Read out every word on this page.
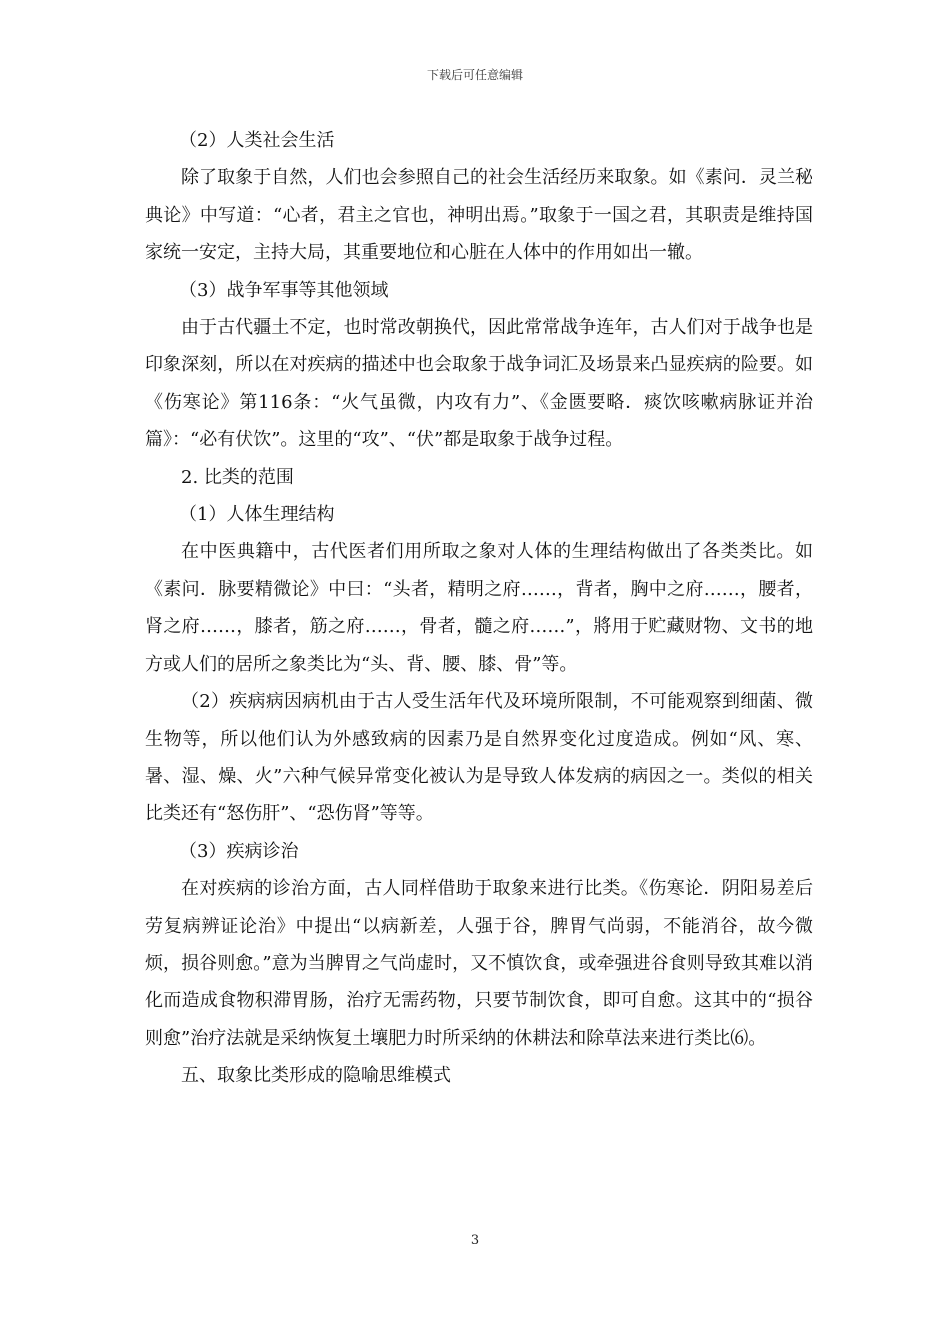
下载后可任意编辑

（2）人类社会生活

除了取象于自然，人们也会参照自己的社会生活经历来取象。如《素问．灵兰秘典论》中写道：“心者，君主之官也，神明出焉。”取象于一国之君，其职责是维持国家统一安定，主持大局，其重要地位和心脏在人体中的作用如出一辙。

（3）战争军事等其他领域

由于古代疆土不定，也时常改朝换代，因此常常战争连年，古人们对于战争也是印象深刻，所以在对疾病的描述中也会取象于战争词汇及场景来凸显疾病的险要。如《伤寒论》第116条：“火气虽微，内攻有力”、《金匮要略．痰饮咳嗽病脉证并治篇》：“必有伏饮”。这里的“攻”、“伏”都是取象于战争过程。

2. 比类的范围

（1）人体生理结构

在中医典籍中，古代医者们用所取之象对人体的生理结构做出了各类类比。如《素问．脉要精微论》中曰：“头者，精明之府……，背者，胸中之府……，腰者，肾之府……，膝者，筋之府……，骨者，髓之府……”，將用于贮藏财物、文书的地方或人们的居所之象类比为“头、背、腰、膝、骨”等。

（2）疾病病因病机由于古人受生活年代及环境所限制，不可能观察到细菌、微生物等，所以他们认为外感致病的因素乃是自然界变化过度造成。例如“风、寒、暑、湿、燥、火”六种气候异常变化被认为是导致人体发病的病因之一。类似的相关比类还有“怒伤肝”、“恐伤肾”等等。

（3）疾病诊治

在对疾病的诊治方面，古人同样借助于取象来进行比类。《伤寒论．阴阳易差后劳复病辨证论治》中提出“以病新差，人强于谷，脾胃气尚弱，不能消谷，故今微烦，损谷则愈。”意为当脾胃之气尚虚时，又不慎饮食，或牵强进谷食则导致其难以消化而造成食物积滞胃肠，治疗无需药物，只要节制饮食，即可自愈。这其中的“损谷则愈”治疗法就是采纳恢复土壤肥力时所采纳的休耕法和除草法来进行类比⑹。

五、取象比类形成的隐喻思维模式

3
